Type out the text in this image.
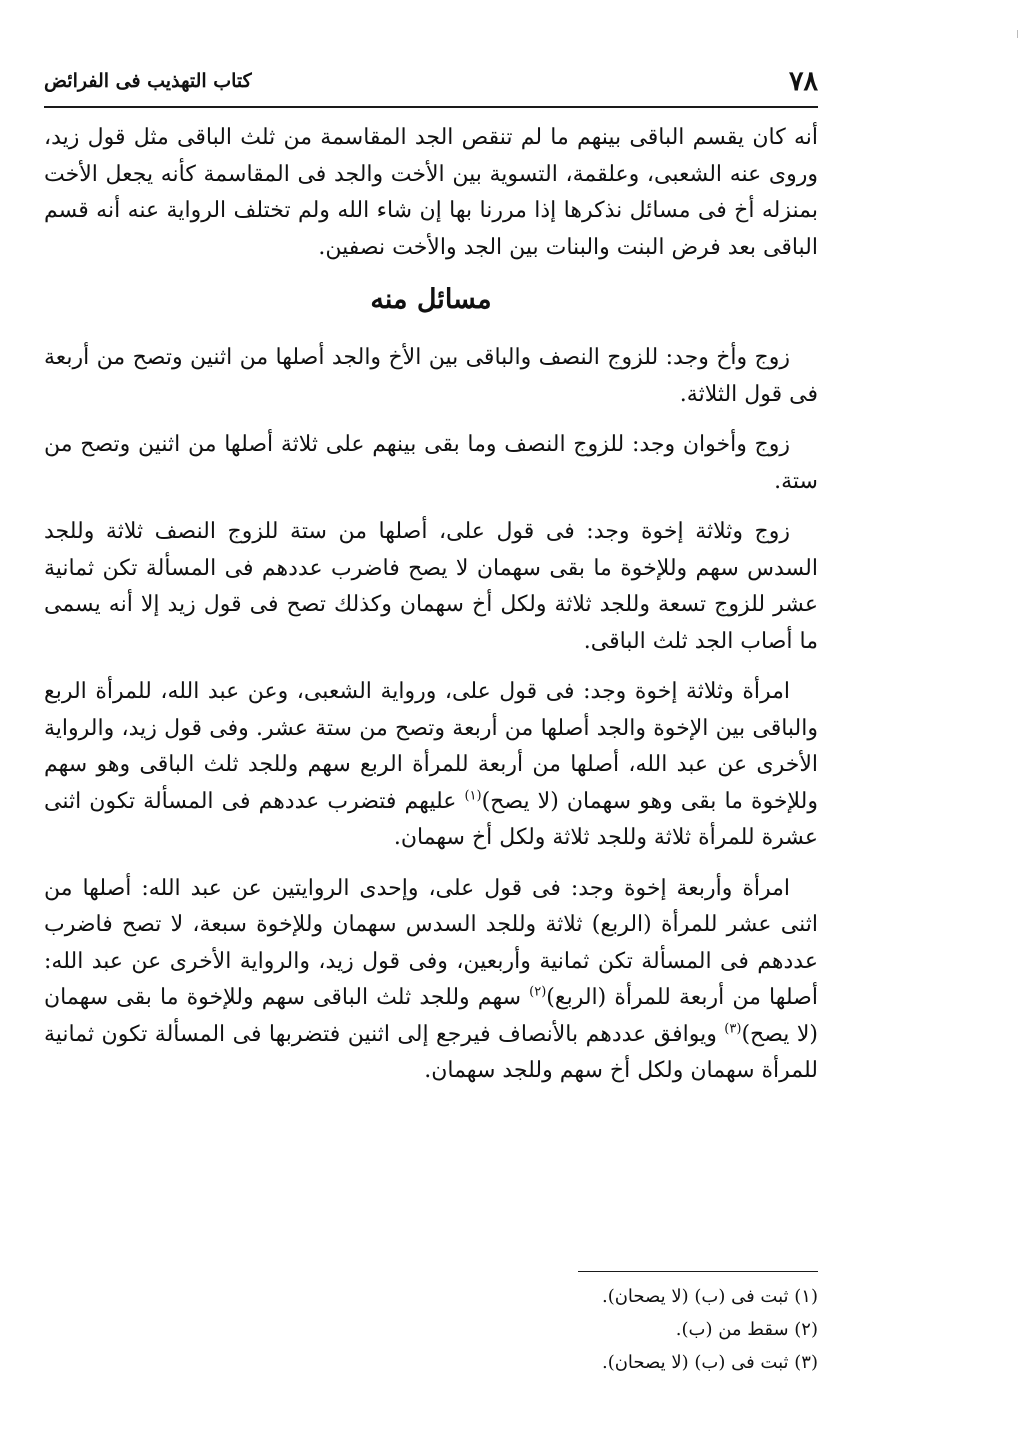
٧٨
كتاب التهذيب فى الفرائض

أنه كان يقسم الباقى بينهم ما لم تنقص الجد المقاسمة من ثلث الباقى مثل قول زيد، وروى عنه الشعبى، وعلقمة، التسوية بين الأخت والجد فى المقاسمة كأنه يجعل الأخت بمنزله أخ فى مسائل نذكرها إذا مررنا بها إن شاء الله ولم تختلف الرواية عنه أنه قسم الباقى بعد فرض البنت والبنات بين الجد والأخت نصفين.

مسائل منه

زوج وأخ وجد: للزوج النصف والباقى بين الأخ والجد أصلها من اثنين وتصح من أربعة فى قول الثلاثة.

زوج وأخوان وجد: للزوج النصف وما بقى بينهم على ثلاثة أصلها من اثنين وتصح من ستة.

زوج وثلاثة إخوة وجد: فى قول على، أصلها من ستة للزوج النصف ثلاثة وللجد السدس سهم وللإخوة ما بقى سهمان لا يصح فاضرب عددهم فى المسألة تكن ثمانية عشر للزوج تسعة وللجد ثلاثة ولكل أخ سهمان وكذلك تصح فى قول زيد إلا أنه يسمى ما أصاب الجد ثلث الباقى.

امرأة وثلاثة إخوة وجد: فى قول على، ورواية الشعبى، وعن عبد الله، للمرأة الربع والباقى بين الإخوة والجد أصلها من أربعة وتصح من ستة عشر. وفى قول زيد، والرواية الأخرى عن عبد الله، أصلها من أربعة للمرأة الربع سهم وللجد ثلث الباقى وهو سهم وللإخوة ما بقى وهو سهمان (لا يصح)$^{(١)}$ عليهم فتضرب عددهم فى المسألة تكون اثنى عشرة للمرأة ثلاثة وللجد ثلاثة ولكل أخ سهمان.

امرأة وأربعة إخوة وجد: فى قول على، وإحدى الروايتين عن عبد الله: أصلها من اثنى عشر للمرأة (الربع) ثلاثة وللجد السدس سهمان وللإخوة سبعة، لا تصح فاضرب عددهم فى المسألة تكن ثمانية وأربعين، وفى قول زيد، والرواية الأخرى عن عبد الله: أصلها من أربعة للمرأة (الربع)$^{(٢)}$ سهم وللجد ثلث الباقى سهم وللإخوة ما بقى سهمان (لا يصح)$^{(٣)}$ ويوافق عددهم بالأنصاف فيرجع إلى اثنين فتضربها فى المسألة تكون ثمانية للمرأة سهمان ولكل أخ سهم وللجد سهمان.

(١) ثبت فى (ب) (لا يصحان).

(٢) سقط من (ب).

(٣) ثبت فى (ب) (لا يصحان).
